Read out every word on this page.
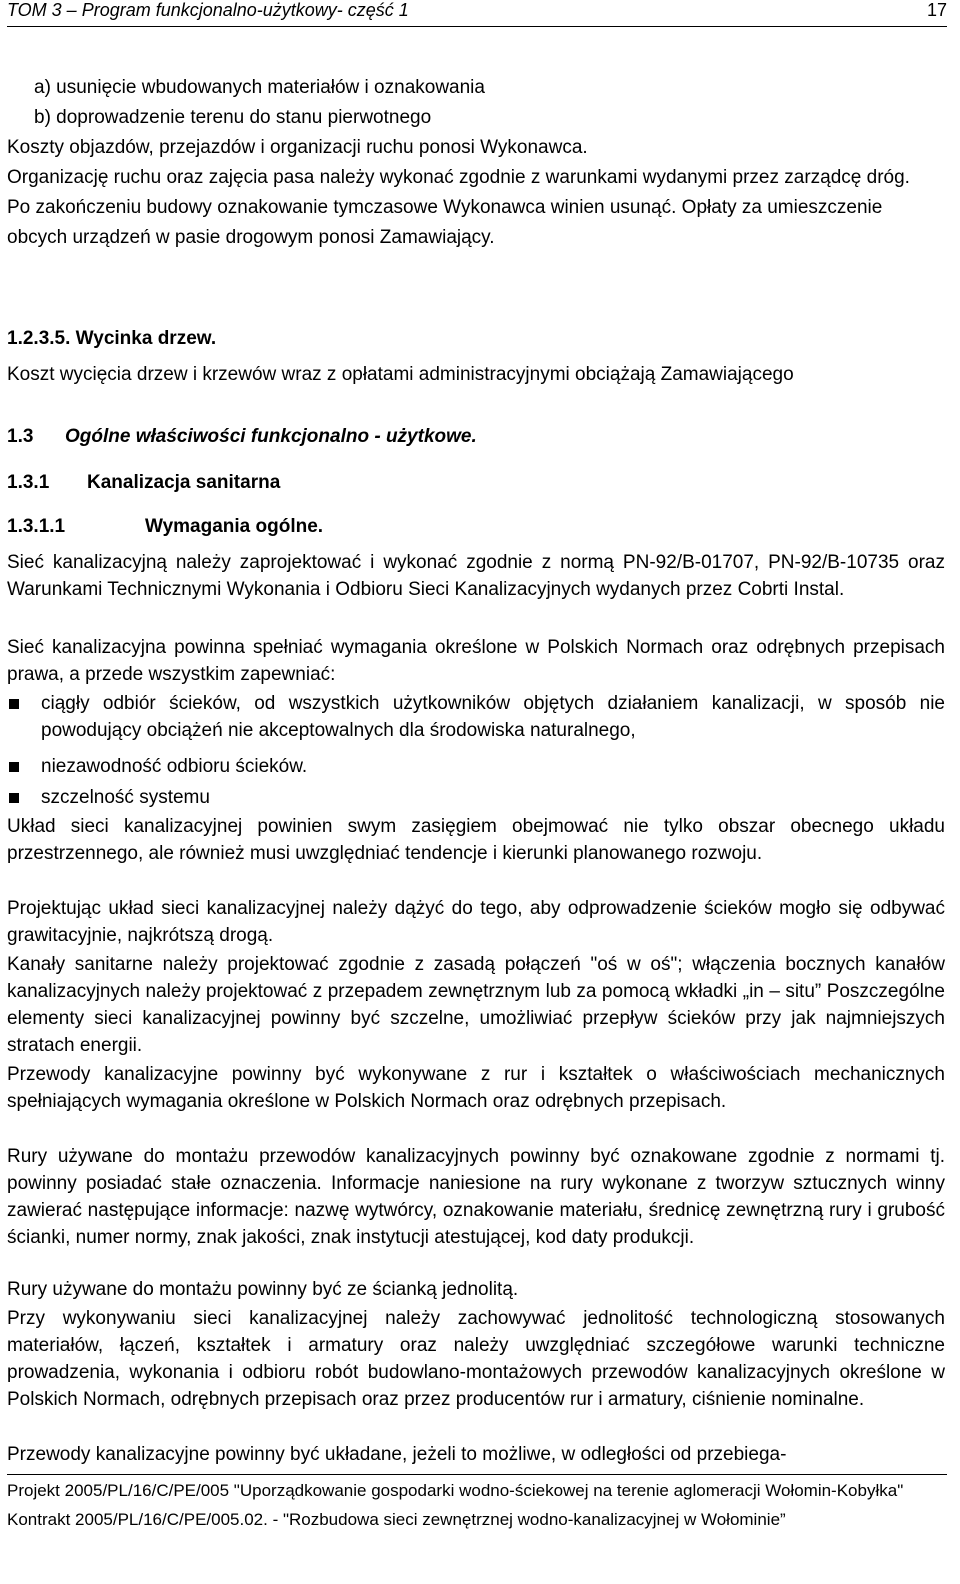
TOM 3 – Program funkcjonalno-użytkowy- część 1	17
a) usunięcie wbudowanych materiałów i oznakowania
b) doprowadzenie terenu do stanu pierwotnego
Koszty objazdów, przejazdów i organizacji ruchu ponosi Wykonawca.
Organizację ruchu oraz zajęcia pasa należy wykonać zgodnie z warunkami wydanymi przez zarządcę dróg.
Po zakończeniu budowy oznakowanie tymczasowe Wykonawca winien usunąć. Opłaty za umieszczenie obcych urządzeń w pasie drogowym ponosi Zamawiający.
1.2.3.5. Wycinka drzew.
Koszt wycięcia drzew i krzewów wraz z opłatami administracyjnymi obciążają Zamawiającego
1.3 Ogólne właściwości funkcjonalno - użytkowe.
1.3.1 Kanalizacja sanitarna
1.3.1.1	Wymagania ogólne.
Sieć kanalizacyjną należy zaprojektować i wykonać zgodnie z normą PN-92/B-01707, PN-92/B-10735 oraz Warunkami Technicznymi Wykonania i Odbioru Sieci Kanalizacyjnych wydanych przez Cobrti Instal.
Sieć kanalizacyjna powinna spełniać wymagania określone w Polskich Normach oraz odrębnych przepisach prawa, a przede wszystkim zapewniać:
ciągły odbiór ścieków, od wszystkich użytkowników objętych działaniem kanalizacji, w sposób nie powodujący obciążeń nie akceptowalnych dla środowiska naturalnego,
niezawodność odbioru ścieków.
szczelność systemu
Układ sieci kanalizacyjnej powinien swym zasięgiem obejmować nie tylko obszar obecnego układu przestrzennego, ale również musi uwzględniać tendencje i kierunki planowanego rozwoju.
Projektując układ sieci kanalizacyjnej należy dążyć do tego, aby odprowadzenie ścieków mogło się odbywać grawitacyjnie, najkrótszą drogą.
Kanały sanitarne należy projektować zgodnie z zasadą połączeń "oś w oś"; włączenia bocznych kanałów kanalizacyjnych należy projektować z przepadem zewnętrznym lub za pomocą wkładki „in – situ” Poszczególne elementy sieci kanalizacyjnej powinny być szczelne, umożliwiać przepływ ścieków przy jak najmniejszych stratach energii.
Przewody kanalizacyjne powinny być wykonywane z rur i kształtek o właściwościach mechanicznych spełniających wymagania określone w Polskich Normach oraz odrębnych przepisach.
Rury używane do montażu przewodów kanalizacyjnych powinny być oznakowane zgodnie z normami tj. powinny posiadać stałe oznaczenia. Informacje naniesione na rury wykonane z tworzyw sztucznych winny zawierać następujące informacje: nazwę wytwórcy, oznakowanie materiału, średnicę zewnętrzną rury i grubość ścianki, numer normy, znak jakości, znak instytucji atestującej, kod daty produkcji.
Rury używane do montażu powinny być ze ścianką jednolitą.
Przy wykonywaniu sieci kanalizacyjnej należy zachowywać jednolitość technologiczną stosowanych materiałów, łączeń, kształtek i armatury oraz należy uwzględniać szczegółowe warunki techniczne prowadzenia, wykonania i odbioru robót budowlano-montażowych przewodów kanalizacyjnych określone w Polskich Normach, odrębnych przepisach oraz przez producentów rur i armatury, ciśnienie nominalne.
Przewody kanalizacyjne powinny być układane, jeżeli to możliwe, w odległości od przebiega-

Projekt 2005/PL/16/C/PE/005 "Uporządkowanie gospodarki wodno-ściekowej na terenie aglomeracji Wołomin-Kobyłka"

Kontrakt 2005/PL/16/C/PE/005.02. - "Rozbudowa sieci zewnętrznej wodno-kanalizacyjnej w Wołominie”
